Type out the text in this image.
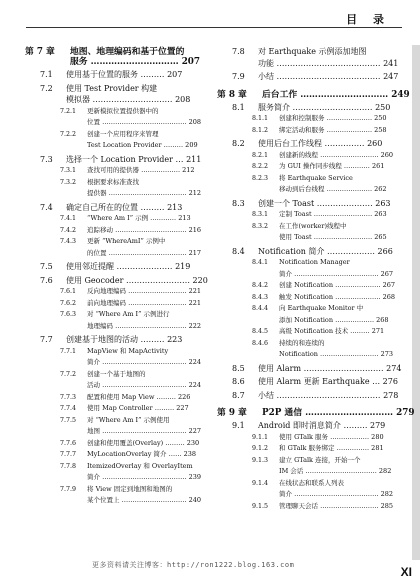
目 录
第 7 章	地图、地理编码和基于位置的
服务 ………………………… 207
7.1 使用基于位置的服务 ……… 207
7.2 使用 Test Provider 构建
模拟器 ………………………… 208
7.2.1 更新模拟位置提供器中的
位置 ………………………………… 208
7.2.2 创建一个应用程序来管理
Test Location Provider ……… 209
7.3 选择一个 Location Provider … 211
7.3.1 查找可用的提供器 ……………… 212
7.3.2 根据要求标准查找
提供器 ……………………………… 212
7.4 确定自己所在的位置 ……… 213
7.4.1 “Where Am I” 示例 ………… 213
7.4.2 追踪移动 …………………………… 216
7.4.3 更新 “WhereAmI” 示例中
的位置 ……………………………… 217
7.5 使用邻近提醒 ………………… 219
7.6 使用 Geocoder …………………… 220
7.6.1 反向地理编码 ……………………… 221
7.6.2 前向地理编码 ……………………… 221
7.6.3 对 “Where Am I” 示例进行
地理编码 …………………………… 222
7.7 创建基于地图的活动 ……… 223
7.7.1 MapView 和 MapActivity
简介 ………………………………… 224
7.7.2 创建一个基于地图的
活动 ………………………………… 224
7.7.3 配置和使用 Map View ……… 226
7.7.4 使用 Map Controller ……… 227
7.7.5 对 “Where Am I” 示例使用
地图 ………………………………… 227
7.7.6 创建和使用覆盖(Overlay) ……… 230
7.7.7 MyLocationOverlay 简介 …… 238
7.7.8 ItemizedOverlay 和 OverlayItem
简介 ………………………………… 239
7.7.9 将 View 固定到地图和地图的
某个位置上 ………………………… 240
7.8 对 Earthquake 示例添加地图
功能 ………………………………… 241
7.9 小结 ………………………………… 247
第 8 章	后台工作 ………………………… 249
8.1 服务简介 ………………………… 250
8.1.1 创建和控制服务 ………………… 250
8.1.2 绑定活动和服务 ………………… 258
8.2 使用后台工作线程 …………… 260
8.2.1 创建新的线程 ……………………… 260
8.2.2 为 GUI 操作同步线程 ………… 261
8.2.3 将 Earthquake Service
移动到后台线程 ………………… 262
8.3 创建一个 Toast ………………… 263
8.3.1 定制 Toast ……………………… 263
8.3.2 在工作(worker)线程中
使用 Toast ……………………… 265
8.4 Notification 简介 ……………… 266
8.4.1 Notification Manager
简介 ………………………………… 267
8.4.2 创建 Notification ………………… 267
8.4.3 触发 Notification ………………… 268
8.4.4 向 Earthquake Monitor 中
添加 Notification ……………… 268
8.4.5 高级 Notification 技术 ……… 271
8.4.6 持续的和连续的
Notification ……………………… 273
8.5 使用 Alarm ………………………… 274
8.6 使用 Alarm 更新 Earthquake … 276
8.7 小结 ………………………………… 278
第 9 章	P2P 通信 ………………………… 279
9.1 Android 即时消息简介 ……… 279
9.1.1 使用 GTalk 服务 ……………… 280
9.1.2 和 GTalk 服务绑定 …………… 281
9.1.3 建立 GTalk 连接，开始一个
IM 会话 …………………………… 282
9.1.4 在线状态和联系人列表
简介 ………………………………… 282
9.1.5 管理聊天会话 ……………………… 285
更多资料请关注博客：http://ron1222.blog.163.com	XI
